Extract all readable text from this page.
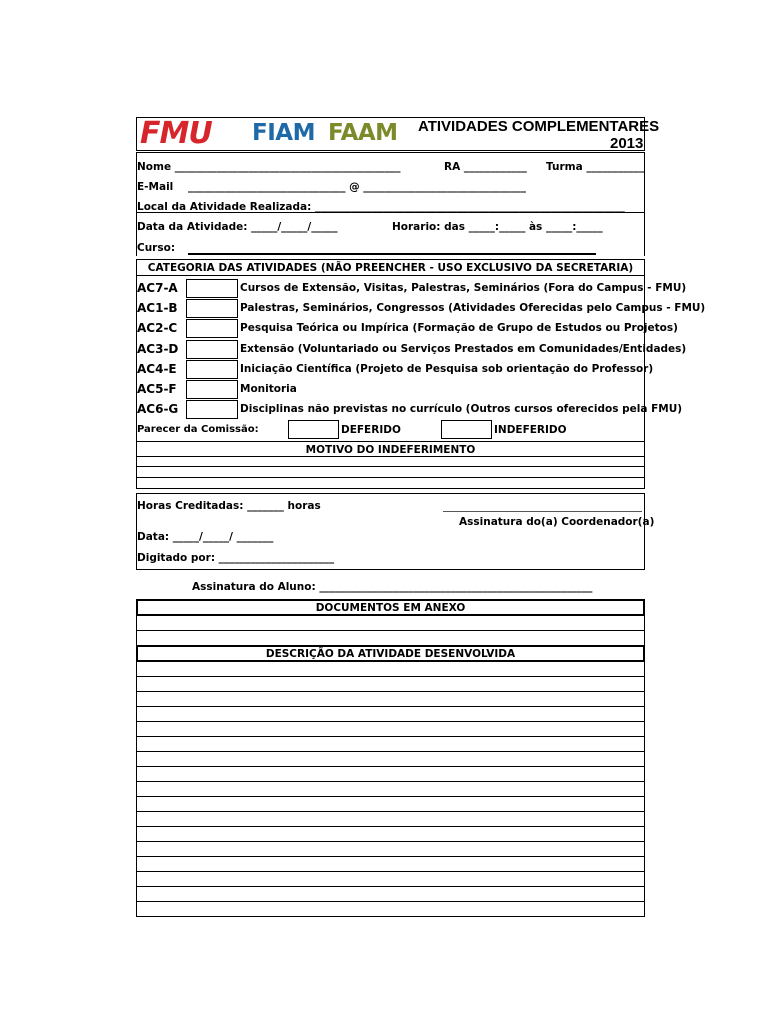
FMU FIAM FAAM ATIVIDADES COMPLEMENTARES
2013
Nome ___________________________________________	RA ____________ Turma ___________
E-Mail ______________________________ @ _______________________________
Local da Atividade Realizada: ___________________________________________________________
Data da Atividade: _____/_____/_____	Horario: das _____:_____ às _____:_____
Curso:
CATEGORIA DAS ATIVIDADES (NÃO PREENCHER - USO EXCLUSIVO DA SECRETARIA)
AC7-A	Cursos de Extensão, Visitas, Palestras, Seminários (Fora do Campus - FMU)
AC1-B	Palestras, Seminários, Congressos (Atividades Oferecidas pelo Campus - FMU)
AC2-C	Pesquisa Teórica ou Impírica (Formação de Grupo de Estudos ou Projetos)
AC3-D	Extensão (Voluntariado ou Serviços Prestados em Comunidades/Entidades)
AC4-E	Iniciação Científica (Projeto de Pesquisa sob orientação do Professor)
AC5-F	Monitoria
AC6-G	Disciplinas não previstas no currículo (Outros cursos oferecidos pela FMU)
Parecer da Comissão:	DEFERIDO	INDEFERIDO
MOTIVO DO INDEFERIMENTO
Horas Creditadas: _______ horas
Assinatura do(a) Coordenador(a)
Data: _____/_____/ _______
Digitado por: ______________________
Assinatura do Aluno: ____________________________________________________
DOCUMENTOS EM ANEXO
DESCRIÇÃO DA ATIVIDADE DESENVOLVIDA
